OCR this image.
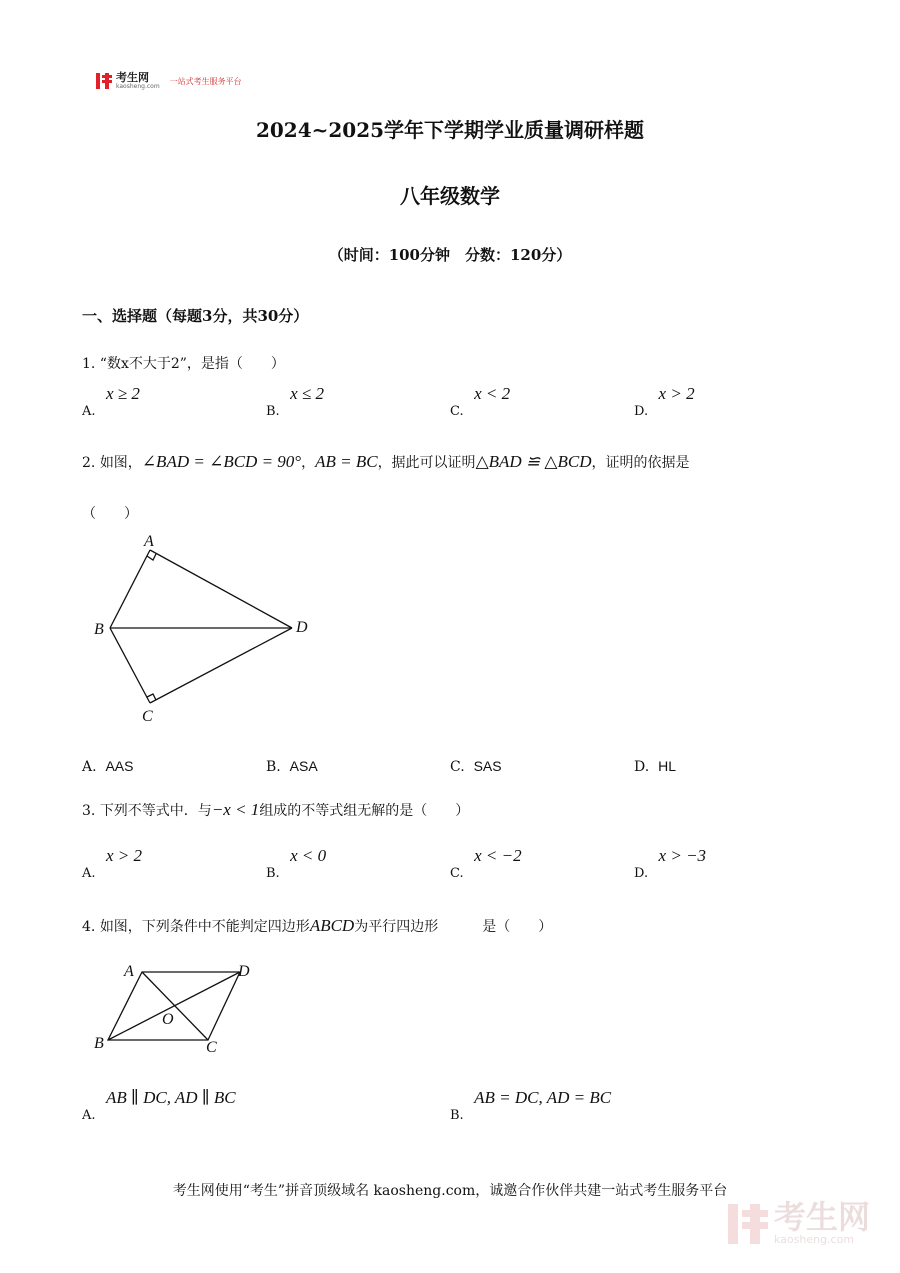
考生网
kaosheng.com
一站式考生服务平台
2024~2025学年下学期学业质量调研样题
八年级数学
（时间：100分钟　分数：120分）
一、选择题（每题3分，共30分）
1. “数x不大于2”，是指（　　）
A. x ≥ 2
B. x ≤ 2
C. x < 2
D. x > 2
2. 如图，∠BAD = ∠BCD = 90°，AB = BC，据此可以证明△BAD ≌ △BCD，证明的依据是
（　　）
A
B
C
D
A. AAS	B. ASA	C. SAS	D. HL
3. 下列不等式中．与−x < 1组成的不等式组无解的是（　　）
A. x > 2
B. x < 0
C. x < −2
D. x > −3
4. 如图，下列条件中不能判定四边形ABCD为平行四边形	是（　　）
A	D
O
B	C
A. AB ∥ DC, AD ∥ BC
B. AB = DC, AD = BC
考生网使用“考生”拼音顶级域名 kaosheng.com，诚邀合作伙伴共建一站式考生服务平台
考生网
kaosheng.com
